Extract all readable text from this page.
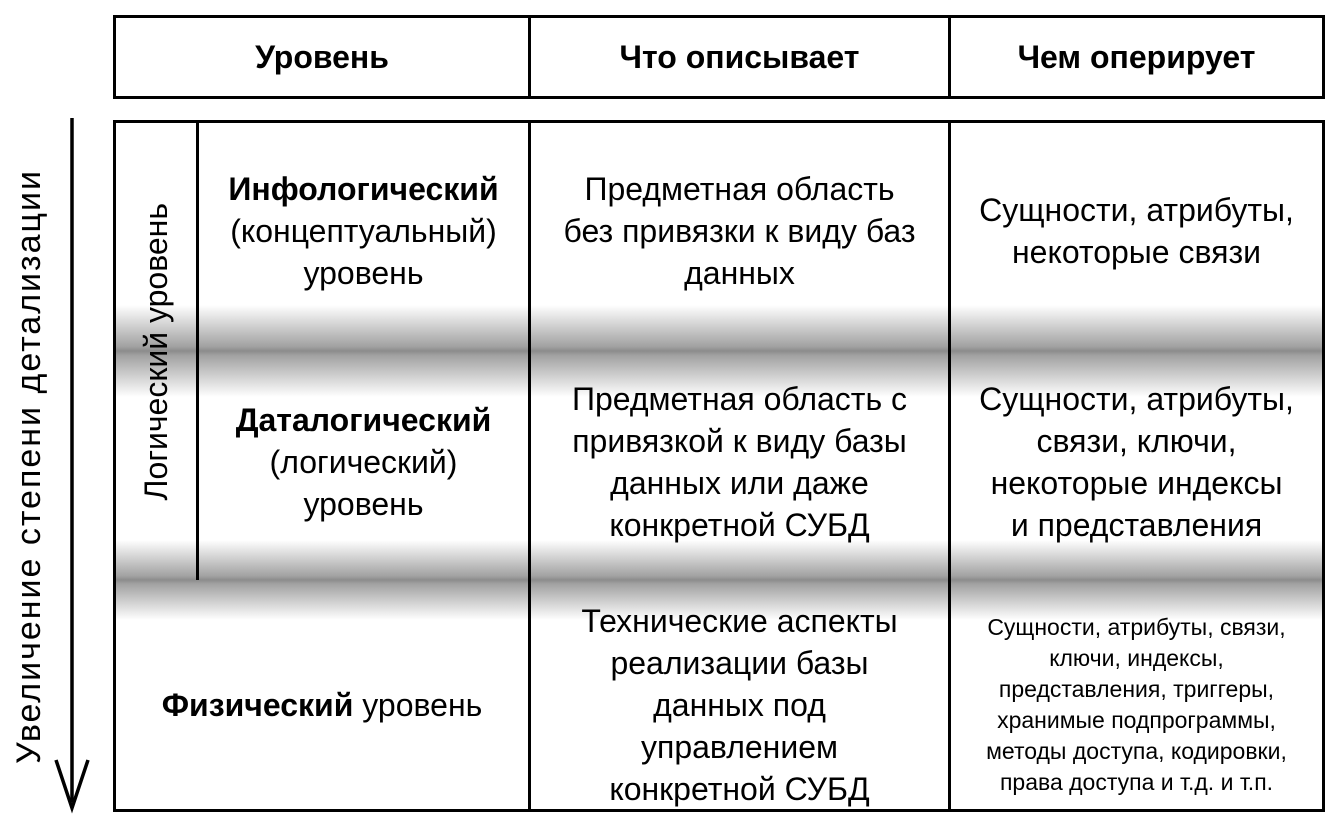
Увеличение степени детализации
Уровень	Что описывает	Чем оперирует
Логический уровень
Инфологический
(концептуальный)
уровень
Предметная область
без привязки к виду баз
данных
Сущности, атрибуты,
некоторые связи
Даталогический
(логический)
уровень
Предметная область с
привязкой к виду базы
данных или даже
конкретной СУБД
Сущности, атрибуты,
связи, ключи,
некоторые индексы
и представления
Физический уровень
Технические аспекты
реализации базы
данных под
управлением
конкретной СУБД
Сущности, атрибуты, связи,
ключи, индексы,
представления, триггеры,
хранимые подпрограммы,
методы доступа, кодировки,
права доступа и т.д. и т.п.
